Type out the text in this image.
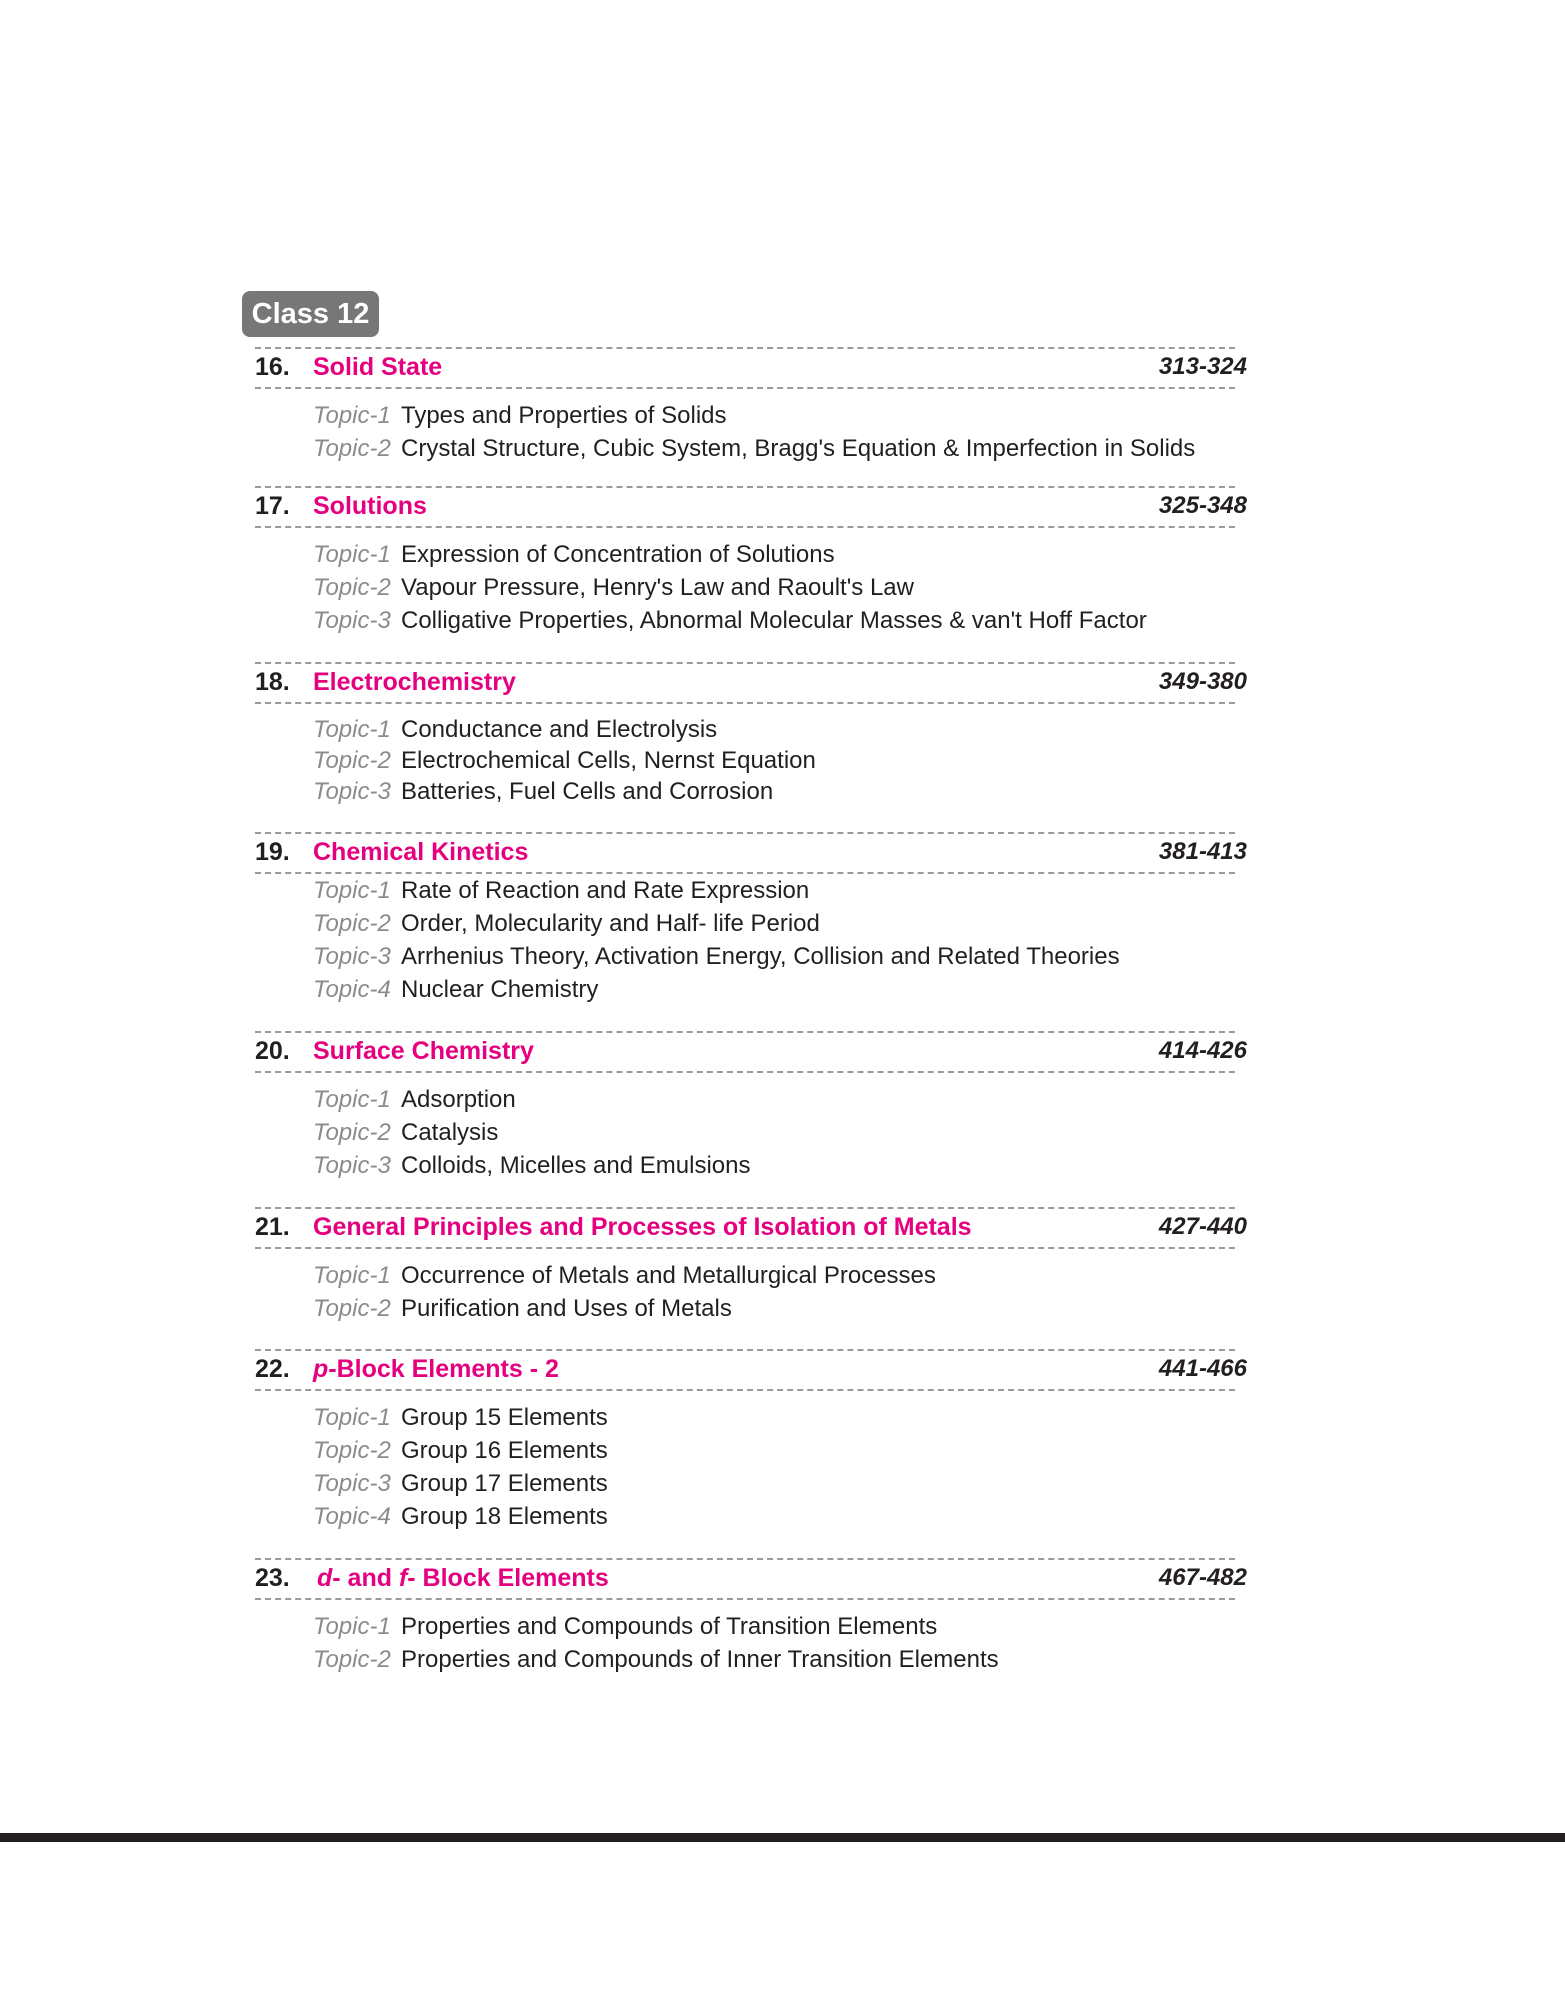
Class 12
16. Solid State	313-324
Topic-1 Types and Properties of Solids
Topic-2 Crystal Structure, Cubic System, Bragg's Equation & Imperfection in Solids
17. Solutions	325-348
Topic-1 Expression of Concentration of Solutions
Topic-2 Vapour Pressure, Henry's Law and Raoult's Law
Topic-3 Colligative Properties, Abnormal Molecular Masses & van't Hoff Factor
18. Electrochemistry	349-380
Topic-1 Conductance and Electrolysis
Topic-2 Electrochemical Cells, Nernst Equation
Topic-3 Batteries, Fuel Cells and Corrosion
19. Chemical Kinetics	381-413
Topic-1 Rate of Reaction and Rate Expression
Topic-2 Order, Molecularity and Half- life Period
Topic-3 Arrhenius Theory, Activation Energy, Collision and Related Theories
Topic-4 Nuclear Chemistry
20. Surface Chemistry	414-426
Topic-1 Adsorption
Topic-2 Catalysis
Topic-3 Colloids, Micelles and Emulsions
21. General Principles and Processes of Isolation of Metals	427-440
Topic-1 Occurrence of Metals and Metallurgical Processes
Topic-2 Purification and Uses of Metals
22. p-Block Elements - 2	441-466
Topic-1 Group 15 Elements
Topic-2 Group 16 Elements
Topic-3 Group 17 Elements
Topic-4 Group 18 Elements
23. d- and f- Block Elements	467-482
Topic-1 Properties and Compounds of Transition Elements
Topic-2 Properties and Compounds of Inner Transition Elements
